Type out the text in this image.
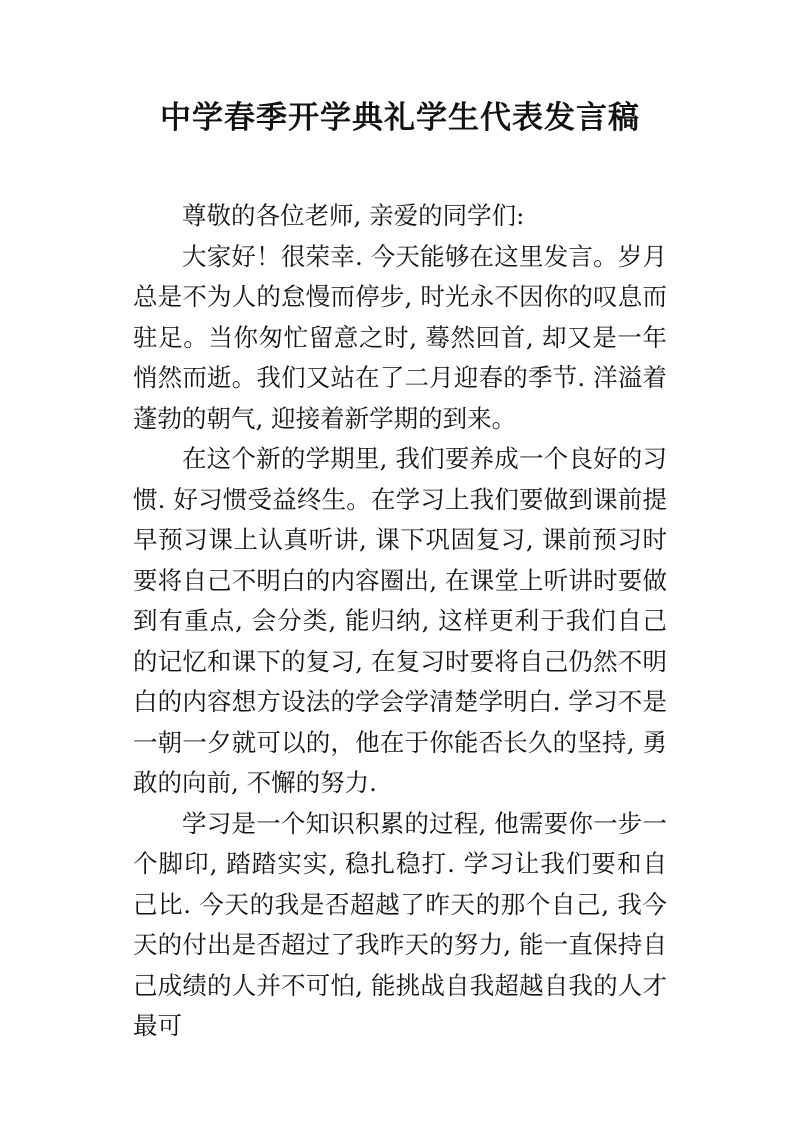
中学春季开学典礼学生代表发言稿

尊敬的各位老师, 亲爱的同学们:

大家好！很荣幸. 今天能够在这里发言。岁月总是不为人的怠慢而停步, 时光永不因你的叹息而驻足。当你匆忙留意之时, 蓦然回首, 却又是一年悄然而逝。我们又站在了二月迎春的季节. 洋溢着蓬勃的朝气, 迎接着新学期的到来。

在这个新的学期里, 我们要养成一个良好的习惯. 好习惯受益终生。在学习上我们要做到课前提早预习课上认真听讲, 课下巩固复习, 课前预习时要将自己不明白的内容圈出, 在课堂上听讲时要做到有重点, 会分类, 能归纳, 这样更利于我们自己的记忆和课下的复习, 在复习时要将自己仍然不明白的内容想方设法的学会学清楚学明白. 学习不是一朝一夕就可以的，他在于你能否长久的坚持, 勇敢的向前, 不懈的努力.

学习是一个知识积累的过程, 他需要你一步一个脚印, 踏踏实实, 稳扎稳打. 学习让我们要和自己比. 今天的我是否超越了昨天的那个自己, 我今天的付出是否超过了我昨天的努力, 能一直保持自己成绩的人并不可怕, 能挑战自我超越自我的人才最可
